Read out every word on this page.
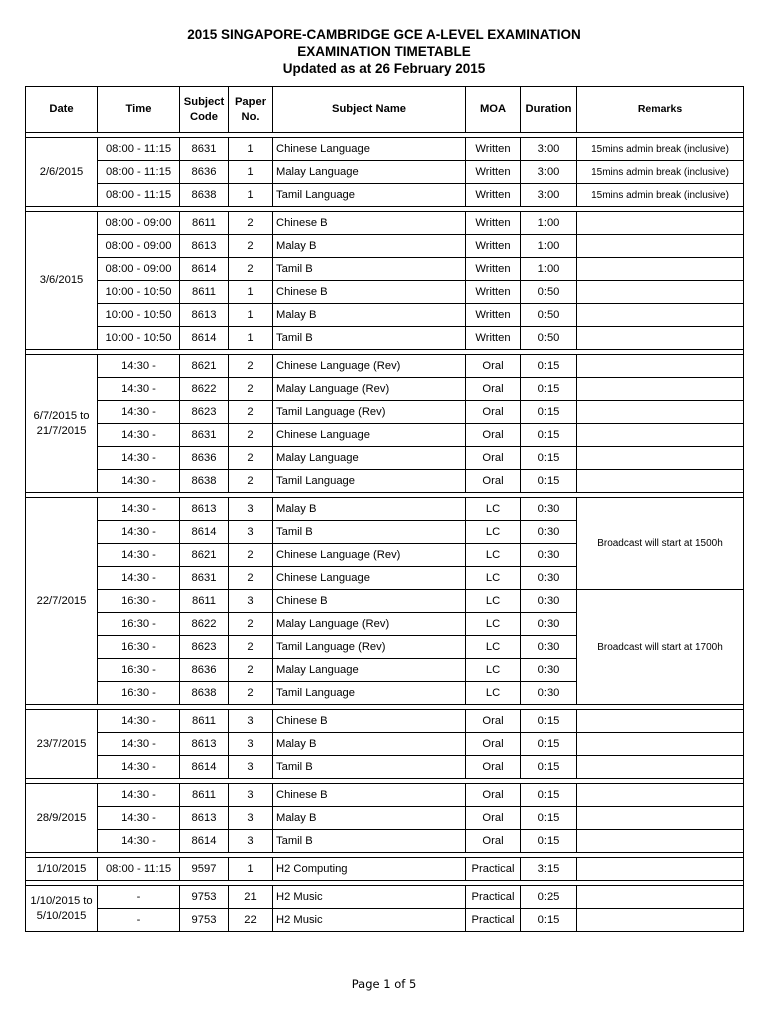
2015 SINGAPORE-CAMBRIDGE GCE A-LEVEL EXAMINATION
EXAMINATION TIMETABLE
Updated as at 26 February 2015
Date	Time	Subject Code	Paper No.	Subject Name	MOA	Duration	Remarks

2/6/2015	08:00 - 11:15	8631	1	Chinese Language	Written	3:00	15mins admin break (inclusive)
	08:00 - 11:15	8636	1	Malay Language	Written	3:00	15mins admin break (inclusive)
	08:00 - 11:15	8638	1	Tamil Language	Written	3:00	15mins admin break (inclusive)

3/6/2015	08:00 - 09:00	8611	2	Chinese B	Written	1:00	
	08:00 - 09:00	8613	2	Malay B	Written	1:00	
	08:00 - 09:00	8614	2	Tamil B	Written	1:00	
	10:00 - 10:50	8611	1	Chinese B	Written	0:50	
	10:00 - 10:50	8613	1	Malay B	Written	0:50	
	10:00 - 10:50	8614	1	Tamil B	Written	0:50	

6/7/2015 to 21/7/2015	14:30 -	8621	2	Chinese Language (Rev)	Oral	0:15	
	14:30 -	8622	2	Malay Language (Rev)	Oral	0:15	
	14:30 -	8623	2	Tamil Language (Rev)	Oral	0:15	
	14:30 -	8631	2	Chinese Language	Oral	0:15	
	14:30 -	8636	2	Malay Language	Oral	0:15	
	14:30 -	8638	2	Tamil Language	Oral	0:15	

22/7/2015	14:30 -	8613	3	Malay B	LC	0:30	Broadcast will start at 1500h
	14:30 -	8614	3	Tamil B	LC	0:30	
	14:30 -	8621	2	Chinese Language (Rev)	LC	0:30	
	14:30 -	8631	2	Chinese Language	LC	0:30	
	16:30 -	8611	3	Chinese B	LC	0:30	Broadcast will start at 1700h
	16:30 -	8622	2	Malay Language (Rev)	LC	0:30	
	16:30 -	8623	2	Tamil Language (Rev)	LC	0:30	
	16:30 -	8636	2	Malay Language	LC	0:30	
	16:30 -	8638	2	Tamil Language	LC	0:30	

23/7/2015	14:30 -	8611	3	Chinese B	Oral	0:15	
	14:30 -	8613	3	Malay B	Oral	0:15	
	14:30 -	8614	3	Tamil B	Oral	0:15	

28/9/2015	14:30 -	8611	3	Chinese B	Oral	0:15	
	14:30 -	8613	3	Malay B	Oral	0:15	
	14:30 -	8614	3	Tamil B	Oral	0:15	

1/10/2015	08:00 - 11:15	9597	1	H2 Computing	Practical	3:15	

1/10/2015 to 5/10/2015	-	9753	21	H2 Music	Practical	0:25	
	-	9753	22	H2 Music	Practical	0:15	
Page 1 of 5
